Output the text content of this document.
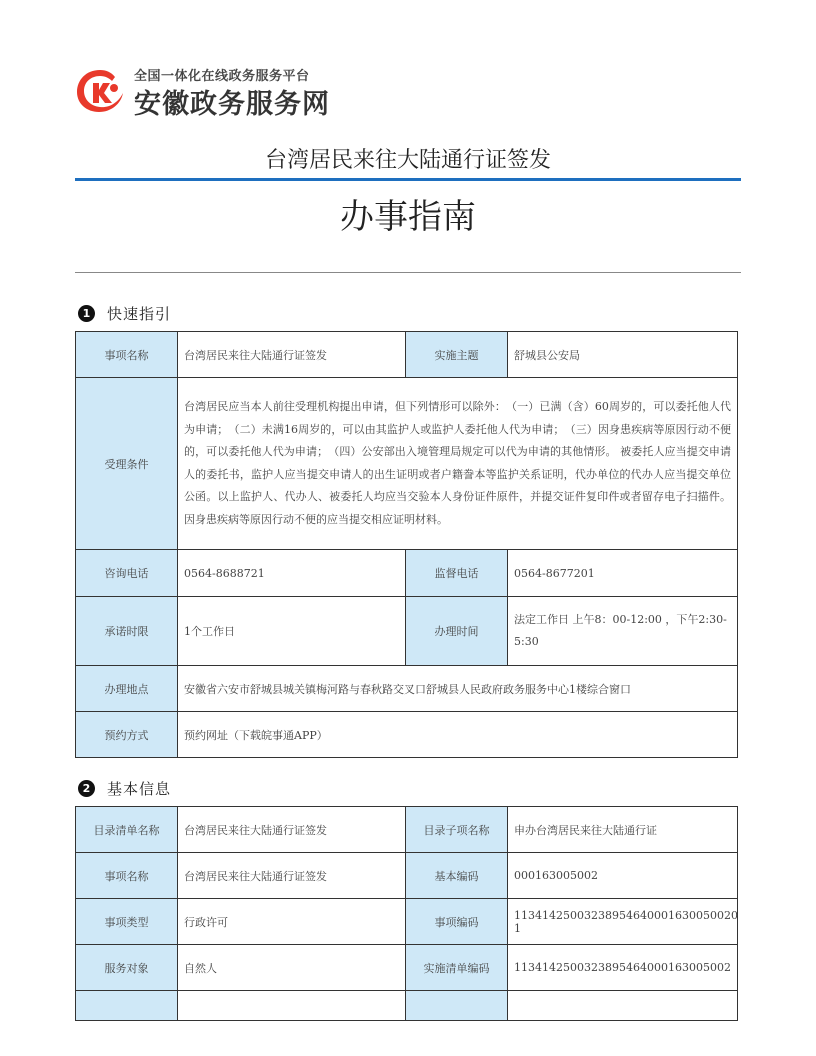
全国一体化在线政务服务平台
安徽政务服务网
台湾居民来往大陆通行证签发
办事指南
1	快速指引
事项名称	台湾居民来往大陆通行证签发	实施主题	舒城县公安局
受理条件	台湾居民应当本人前往受理机构提出申请，但下列情形可以除外：　（一）已满（含）60周岁的，可以委托他人代为申请；　（二）未满16周岁的，可以由其监护人或监护人委托他人代为申请；　（三）因身患疾病等原因行动不便的，可以委托他人代为申请；　（四）公安部出入境管理局规定可以代为申请的其他情形。 被委托人应当提交申请人的委托书，监护人应当提交申请人的出生证明或者户籍誊本等监护关系证明，代办单位的代办人应当提交单位公函。以上监护人、代办人、被委托人均应当交验本人身份证件原件，并提交证件复印件或者留存电子扫描件。因身患疾病等原因行动不便的应当提交相应证明材料。		
咨询电话	0564-8688721	监督电话	0564-8677201
承诺时限	1个工作日	办理时间	法定工作日 上午8：00-12:00 ，下午2:30-5:30
办理地点	安徽省六安市舒城县城关镇梅河路与春秋路交叉口舒城县人民政府政务服务中心1楼综合窗口		
预约方式	预约网址（下载皖事通APP）		
2	基本信息
目录清单名称	台湾居民来往大陆通行证签发	目录子项名称	申办台湾居民来往大陆通行证
事项名称	台湾居民来往大陆通行证签发	基本编码	000163005002
事项类型	行政许可	事项编码	11341425003238954640001630050020​1
服务对象	自然人	实施清单编码	113414250032389546400016300500​2
